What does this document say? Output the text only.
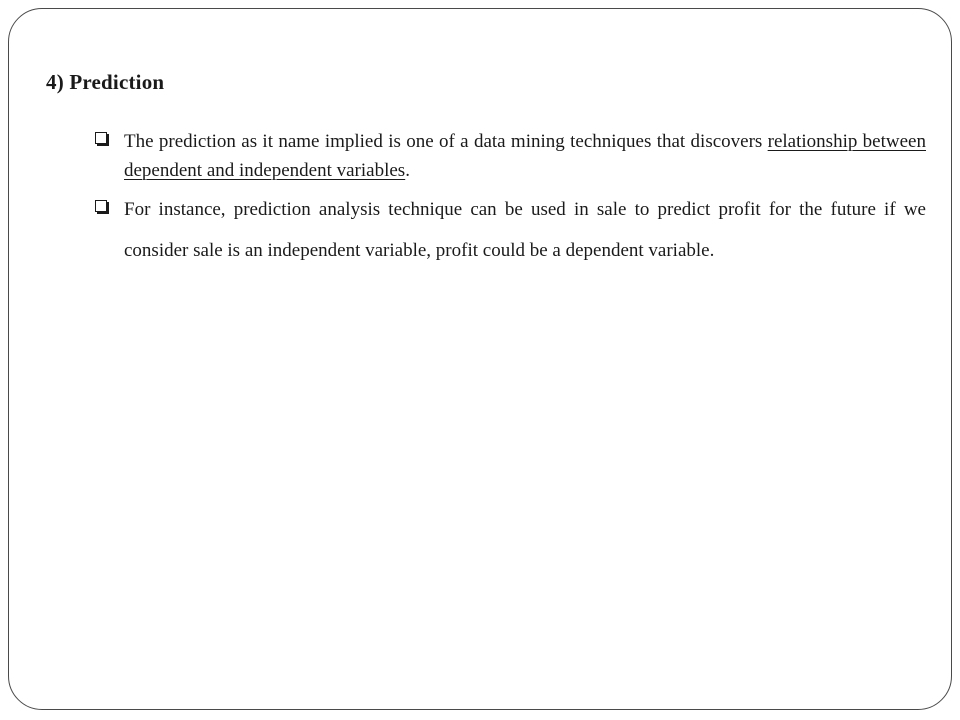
4) Prediction
The prediction as it name implied is one of a data mining techniques that discovers relationship between dependent and independent variables.
For instance, prediction analysis technique can be used in sale to predict profit for the future if we consider sale is an independent variable, profit could be a dependent variable.
